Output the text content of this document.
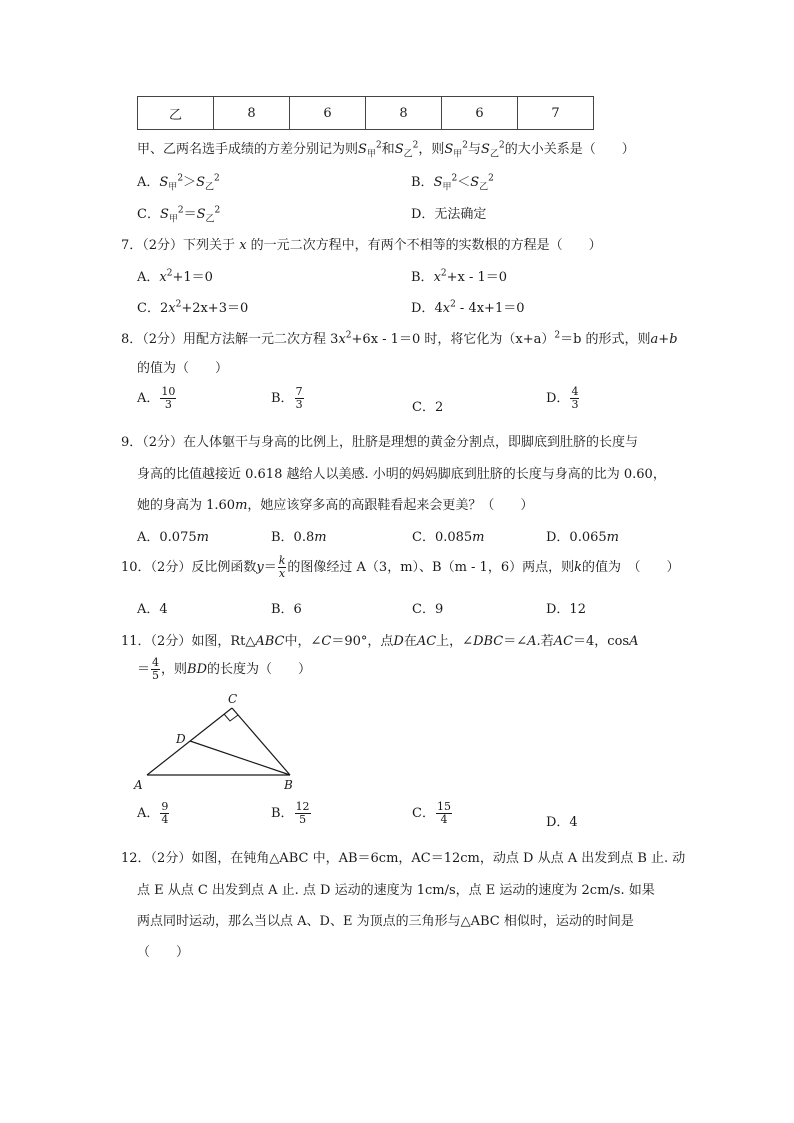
乙	8	6	8	6	7
甲、乙两名选手成绩的方差分别记为则$S_甲^2$和$S_乙^2$，则$S_甲^2$与$S_乙^2$的大小关系是（　　）
A．$S_甲^2>S_乙^2$	B．$S_甲^2<S_乙^2$
C．$S_甲^2=S_乙^2$	D．无法确定
7．（2分）下列关于 x 的一元二次方程中，有两个不相等的实数根的方程是（　　）
A．$x^2+1=0$	B．$x^2+x - 1=0$
C．$2x^2+2x+3=0$	D．$4x^2 - 4x+1=0$
8．（2分）用配方法解一元二次方程 $3x^2+6x - 1=0$ 时，将它化为$(x+a)^2=b$ 的形式，则a+b
的值为（　　）
A． $\frac{10}{3}$	B． $\frac{7}{3}$	C．2
D． $\frac{4}{3}$
9．（2分）在人体躯干与身高的比例上，肚脐是理想的黄金分割点，即脚底到肚脐的长度与
身高的比值越接近 0.618 越给人以美感. 小明的妈妈脚底到肚脐的长度与身高的比为 0.60，
她的身高为 1.60m，她应该穿多高的高跟鞋看起来会更美？（　　）
A．0.075m	B．0.8m	C．0.085m	D．0.065m
10．（2分）反比例函数$y= \frac{k}{x}$ 的图像经过 A（3，m）、B（m - 1，6）两点，则k的值为　（　　）
A．4	B．6	C．9	D．12
11．（2分）如图，Rt△ABC中，∠C＝90°，点D在AC上，∠DBC＝∠A.若AC＝4，cosA
＝ $\frac{4}{5}$ ，则BD的长度为（　　）
A	B
C
D
A． $\frac{9}{4}$	B． $\frac{12}{5}$	C． $\frac{15}{4}$	D．4
12．（2分）如图，在钝角△ABC 中，AB＝6cm，AC＝12cm，动点 D 从点 A 出发到点 B 止. 动
点 E 从点 C 出发到点 A 止. 点 D 运动的速度为 1cm/s，点 E 运动的速度为 2cm/s. 如果
两点同时运动，那么当以点 A、D、E 为顶点的三角形与△ABC 相似时，运动的时间是
（　　）
